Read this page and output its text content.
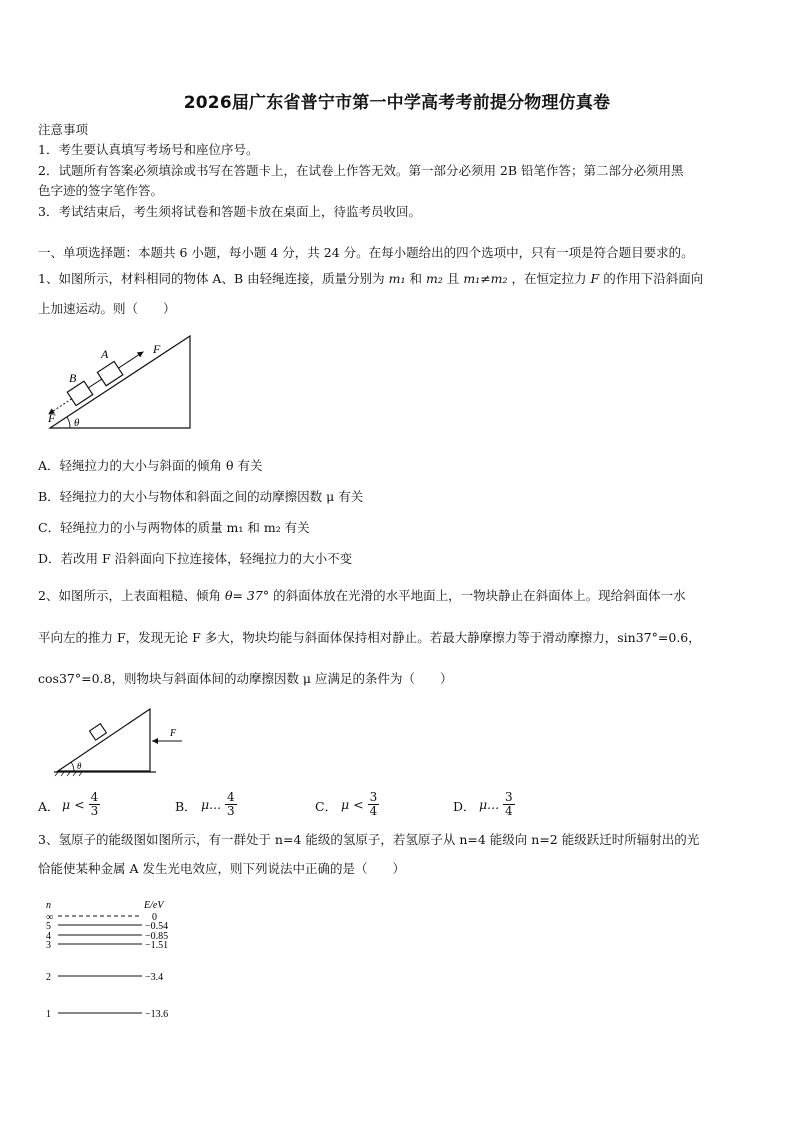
2026届广东省普宁市第一中学高考考前提分物理仿真卷
注意事项
1．考生要认真填写考场号和座位序号。
2．试题所有答案必须填涂或书写在答题卡上，在试卷上作答无效。第一部分必须用 2B 铅笔作答；第二部分必须用黑
色字迹的签字笔作答。
3．考试结束后，考生须将试卷和答题卡放在桌面上，待监考员收回。
一、单项选择题：本题共 6 小题，每小题 4 分，共 24 分。在每小题给出的四个选项中，只有一项是符合题目要求的。
1、如图所示，材料相同的物体 A、B 由轻绳连接，质量分别为 m₁ 和 m₂ 且 m₁≠m₂ ，在恒定拉力 F 的作用下沿斜面向
上加速运动。则（　　）
A
B
F
F θ
A．轻绳拉力的大小与斜面的倾角 θ 有关
B．轻绳拉力的大小与物体和斜面之间的动摩擦因数 μ 有关
C．轻绳拉力的小与两物体的质量 m₁ 和 m₂ 有关
D．若改用 F 沿斜面向下拉连接体，轻绳拉力的大小不变
2、如图所示，上表面粗糙、倾角 θ= 37° 的斜面体放在光滑的水平地面上，一物块静止在斜面体上。现给斜面体一水
平向左的推力 F，发现无论 F 多大，物块均能与斜面体保持相对静止。若最大静摩擦力等于滑动摩擦力，sin37°=0.6，
cos37°=0.8，则物块与斜面体间的动摩擦因数 μ 应满足的条件为（　　）
θ
F
A． $\mu < \frac{4}{3}$	B． μ... $\frac{4}{3}$	C． $\mu < \frac{3}{4}$	D． μ... $\frac{3}{4}$
3、氢原子的能级图如图所示，有一群处于 n=4 能级的氢原子，若氢原子从 n=4 能级向 n=2 能级跃迁时所辐射出的光
恰能使某种金属 A 发生光电效应，则下列说法中正确的是（　　）
n	E/eV
∞	0
5	−0.54
4	−0.85
3	−1.51
2	−3.4
1	−13.6
